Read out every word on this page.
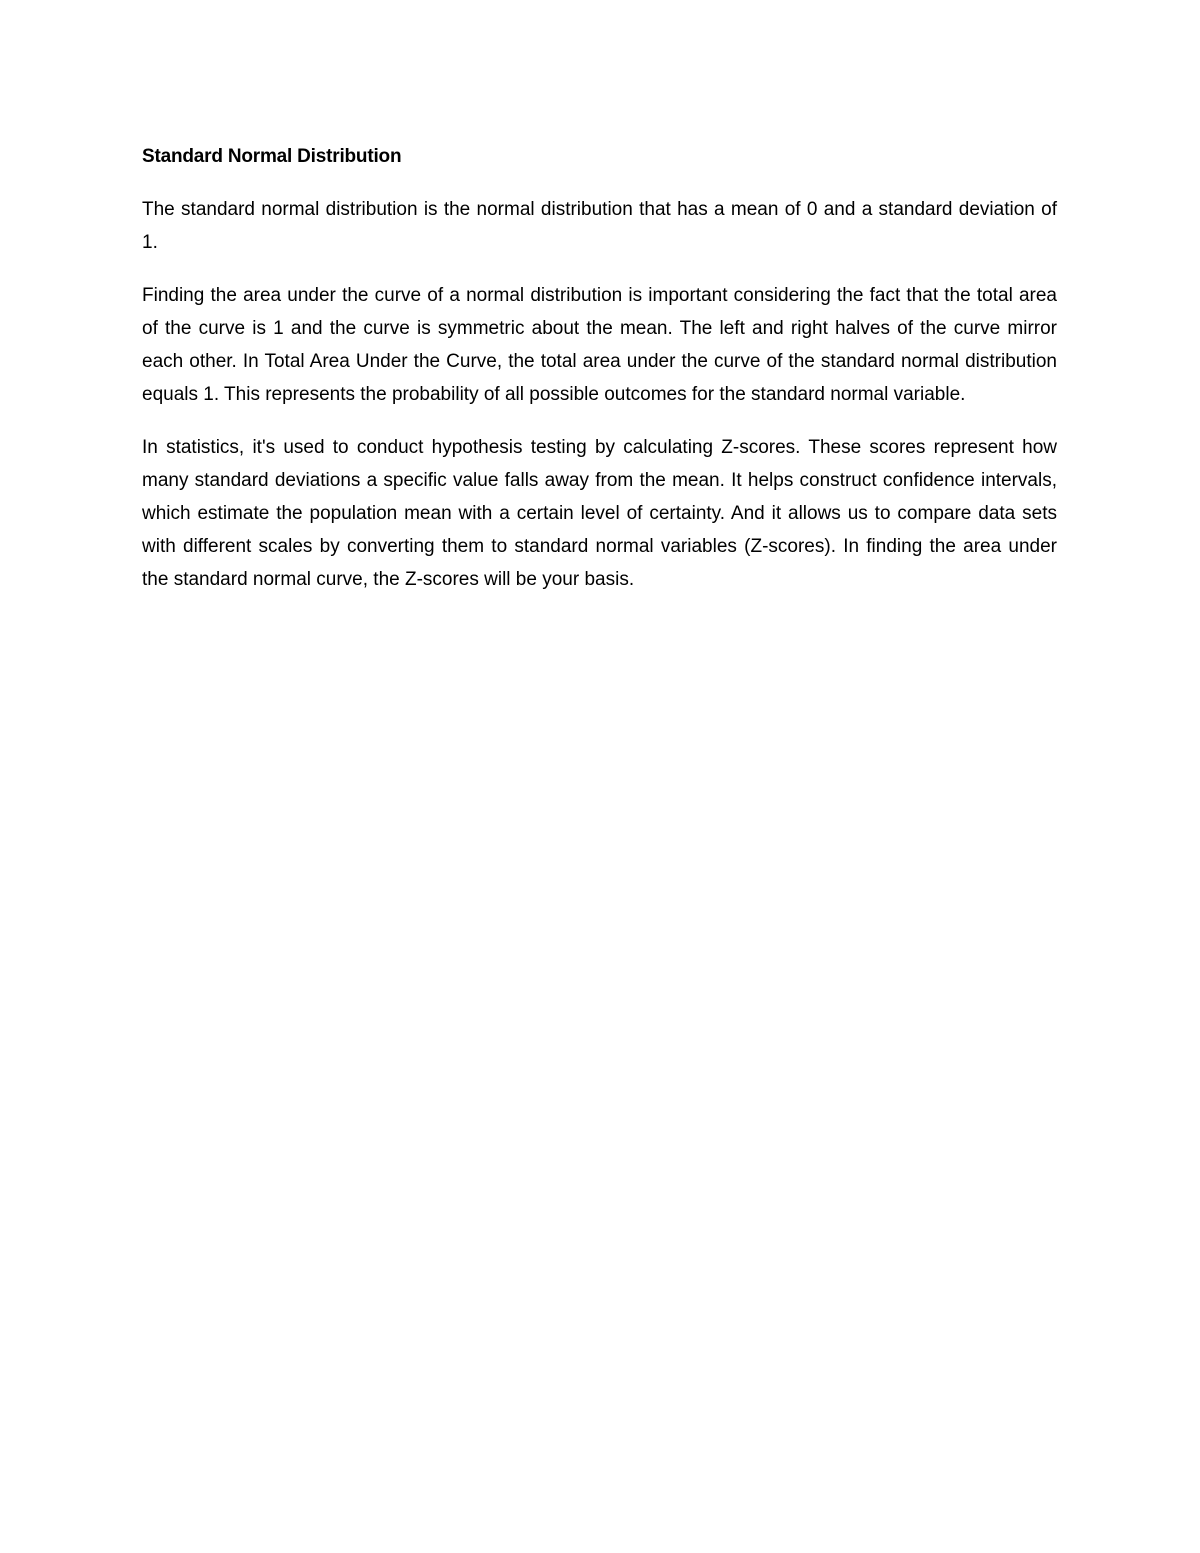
Standard Normal Distribution

The standard normal distribution is the normal distribution that has a mean of 0 and a standard deviation of 1.

Finding the area under the curve of a normal distribution is important considering the fact that the total area of the curve is 1 and the curve is symmetric about the mean. The left and right halves of the curve mirror each other. In Total Area Under the Curve, the total area under the curve of the standard normal distribution equals 1. This represents the probability of all possible outcomes for the standard normal variable.

In statistics, it's used to conduct hypothesis testing by calculating Z-scores. These scores represent how many standard deviations a specific value falls away from the mean. It helps construct confidence intervals, which estimate the population mean with a certain level of certainty. And it allows us to compare data sets with different scales by converting them to standard normal variables (Z-scores). In finding the area under the standard normal curve, the Z-scores will be your basis.
